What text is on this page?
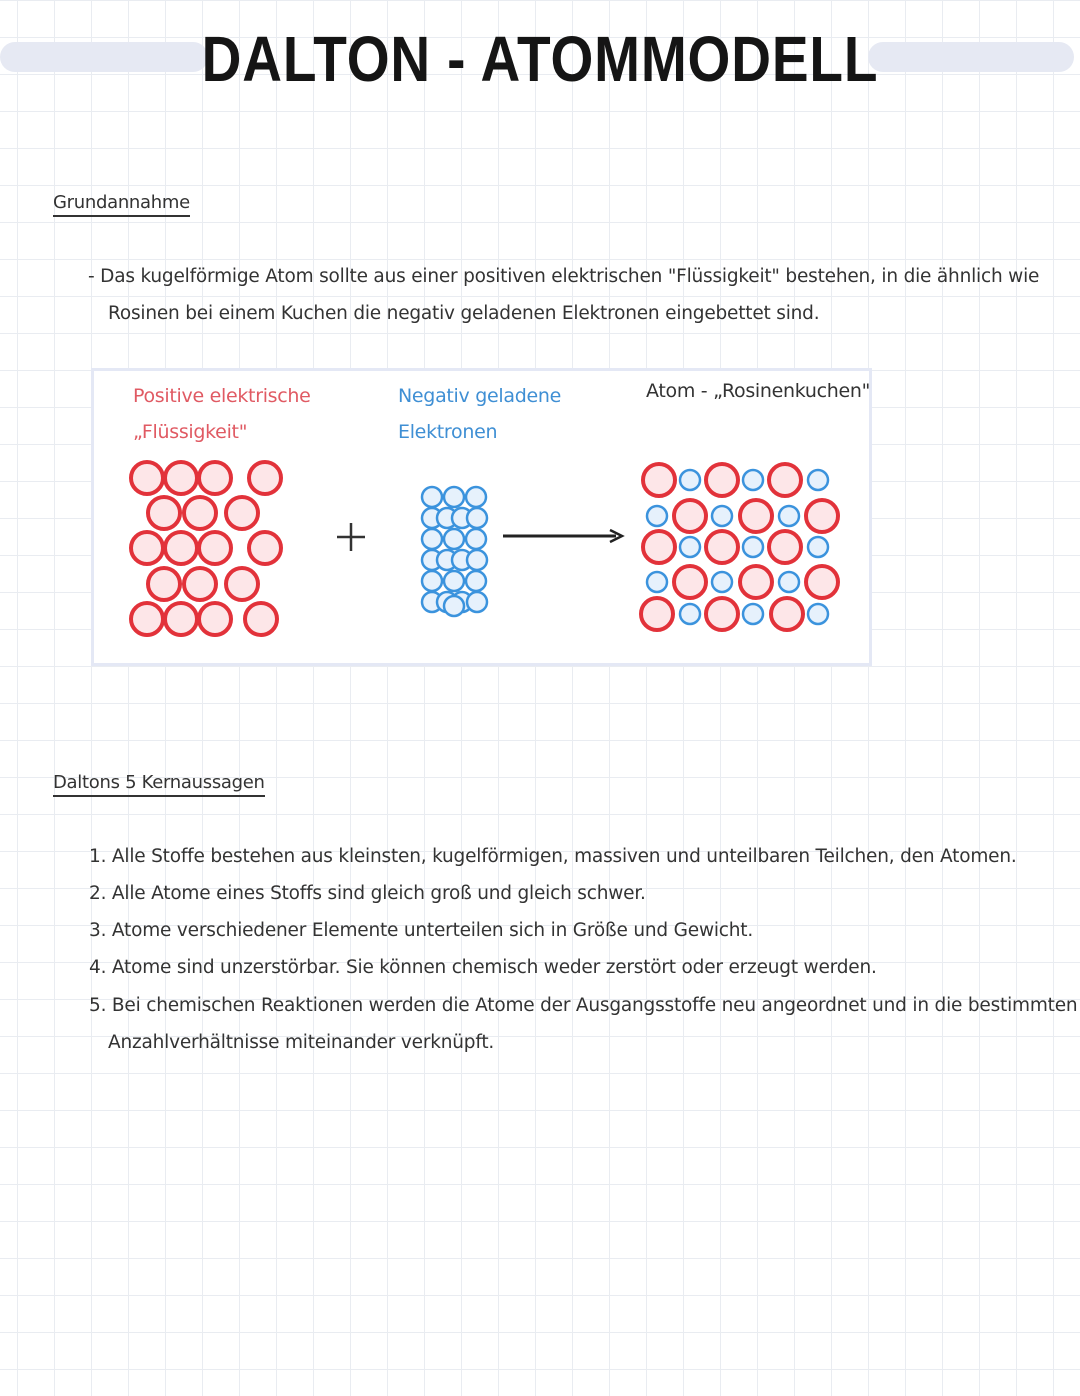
DALTON - ATOMMODELL
Grundannahme
- Das kugelförmige Atom sollte aus einer positiven elektrischen "Flüssigkeit" bestehen, in die ähnlich wie
Rosinen bei einem Kuchen die negativ geladenen Elektronen eingebettet sind.
Positive elektrische
„Flüssigkeit"
Negativ geladene
Elektronen
Atom - „Rosinenkuchen"
Daltons 5 Kernaussagen
1. Alle Stoffe bestehen aus kleinsten, kugelförmigen, massiven und unteilbaren Teilchen, den Atomen.
2. Alle Atome eines Stoffs sind gleich groß und gleich schwer.
3. Atome verschiedener Elemente unterteilen sich in Größe und Gewicht.
4. Atome sind unzerstörbar. Sie können chemisch weder zerstört oder erzeugt werden.
5. Bei chemischen Reaktionen werden die Atome der Ausgangsstoffe neu angeordnet und in die bestimmten
Anzahlverhältnisse miteinander verknüpft.
